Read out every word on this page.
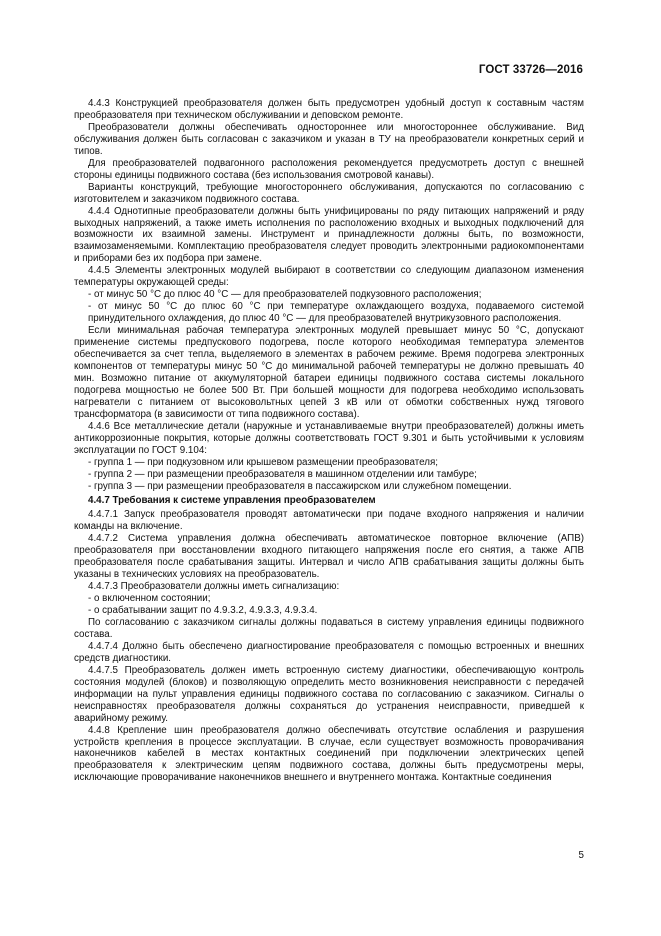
ГОСТ 33726—2016

4.4.3 Конструкцией преобразователя должен быть предусмотрен удобный доступ к составным частям преобразователя при техническом обслуживании и деповском ремонте.

Преобразователи должны обеспечивать одностороннее или многостороннее обслуживание. Вид обслуживания должен быть согласован с заказчиком и указан в ТУ на преобразователи конкретных серий и типов.

Для преобразователей подвагонного расположения рекомендуется предусмотреть доступ с внешней стороны единицы подвижного состава (без использования смотровой канавы).

Варианты конструкций, требующие многостороннего обслуживания, допускаются по согласованию с изготовителем и заказчиком подвижного состава.

4.4.4 Однотипные преобразователи должны быть унифицированы по ряду питающих напряжений и ряду выходных напряжений, а также иметь исполнения по расположению входных и выходных подключений для возможности их взаимной замены. Инструмент и принадлежности должны быть, по возможности, взаимозаменяемыми. Комплектацию преобразователя следует проводить электронными радиокомпонентами и приборами без их подбора при замене.

4.4.5 Элементы электронных модулей выбирают в соответствии со следующим диапазоном изменения температуры окружающей среды:

- от минус 50 °С до плюс 40 °С — для преобразователей подкузовного расположения;

- от минус 50 °С до плюс 60 °С при температуре охлаждающего воздуха, подаваемого системой принудительного охлаждения, до плюс 40 °С — для преобразователей внутрикузовного расположения.

Если минимальная рабочая температура электронных модулей превышает минус 50 °С, допускают применение системы предпускового подогрева, после которого необходимая температура элементов обеспечивается за счет тепла, выделяемого в элементах в рабочем режиме. Время подогрева электронных компонентов от температуры минус 50 °С до минимальной рабочей температуры не должно превышать 40 мин. Возможно питание от аккумуляторной батареи единицы подвижного состава системы локального подогрева мощностью не более 500 Вт. При большей мощности для подогрева необходимо использовать нагреватели с питанием от высоковольтных цепей 3 кВ или от обмотки собственных нужд тягового трансформатора (в зависимости от типа подвижного состава).

4.4.6 Все металлические детали (наружные и устанавливаемые внутри преобразователей) должны иметь антикоррозионные покрытия, которые должны соответствовать ГОСТ 9.301 и быть устойчивыми к условиям эксплуатации по ГОСТ 9.104:

- группа 1 — при подкузовном или крышевом размещении преобразователя;

- группа 2 — при размещении преобразователя в машинном отделении или тамбуре;

- группа 3 — при размещении преобразователя в пассажирском или служебном помещении.

4.4.7 Требования к системе управления преобразователем

4.4.7.1 Запуск преобразователя проводят автоматически при подаче входного напряжения и наличии команды на включение.

4.4.7.2 Система управления должна обеспечивать автоматическое повторное включение (АПВ) преобразователя при восстановлении входного питающего напряжения после его снятия, а также АПВ преобразователя после срабатывания защиты. Интервал и число АПВ срабатывания защиты должны быть указаны в технических условиях на преобразователь.

4.4.7.3 Преобразователи должны иметь сигнализацию:

- о включенном состоянии;

- о срабатывании защит по 4.9.3.2, 4.9.3.3, 4.9.3.4.

По согласованию с заказчиком сигналы должны подаваться в систему управления единицы подвижного состава.

4.4.7.4 Должно быть обеспечено диагностирование преобразователя с помощью встроенных и внешних средств диагностики.

4.4.7.5 Преобразователь должен иметь встроенную систему диагностики, обеспечивающую контроль состояния модулей (блоков) и позволяющую определить место возникновения неисправности с передачей информации на пульт управления единицы подвижного состава по согласованию с заказчиком. Сигналы о неисправностях преобразователя должны сохраняться до устранения неисправности, приведшей к аварийному режиму.

4.4.8 Крепление шин преобразователя должно обеспечивать отсутствие ослабления и разрушения устройств крепления в процессе эксплуатации. В случае, если существует возможность проворачивания наконечников кабелей в местах контактных соединений при подключении электрических цепей преобразователя к электрическим цепям подвижного состава, должны быть предусмотрены меры, исключающие проворачивание наконечников внешнего и внутреннего монтажа. Контактные соединения

5
